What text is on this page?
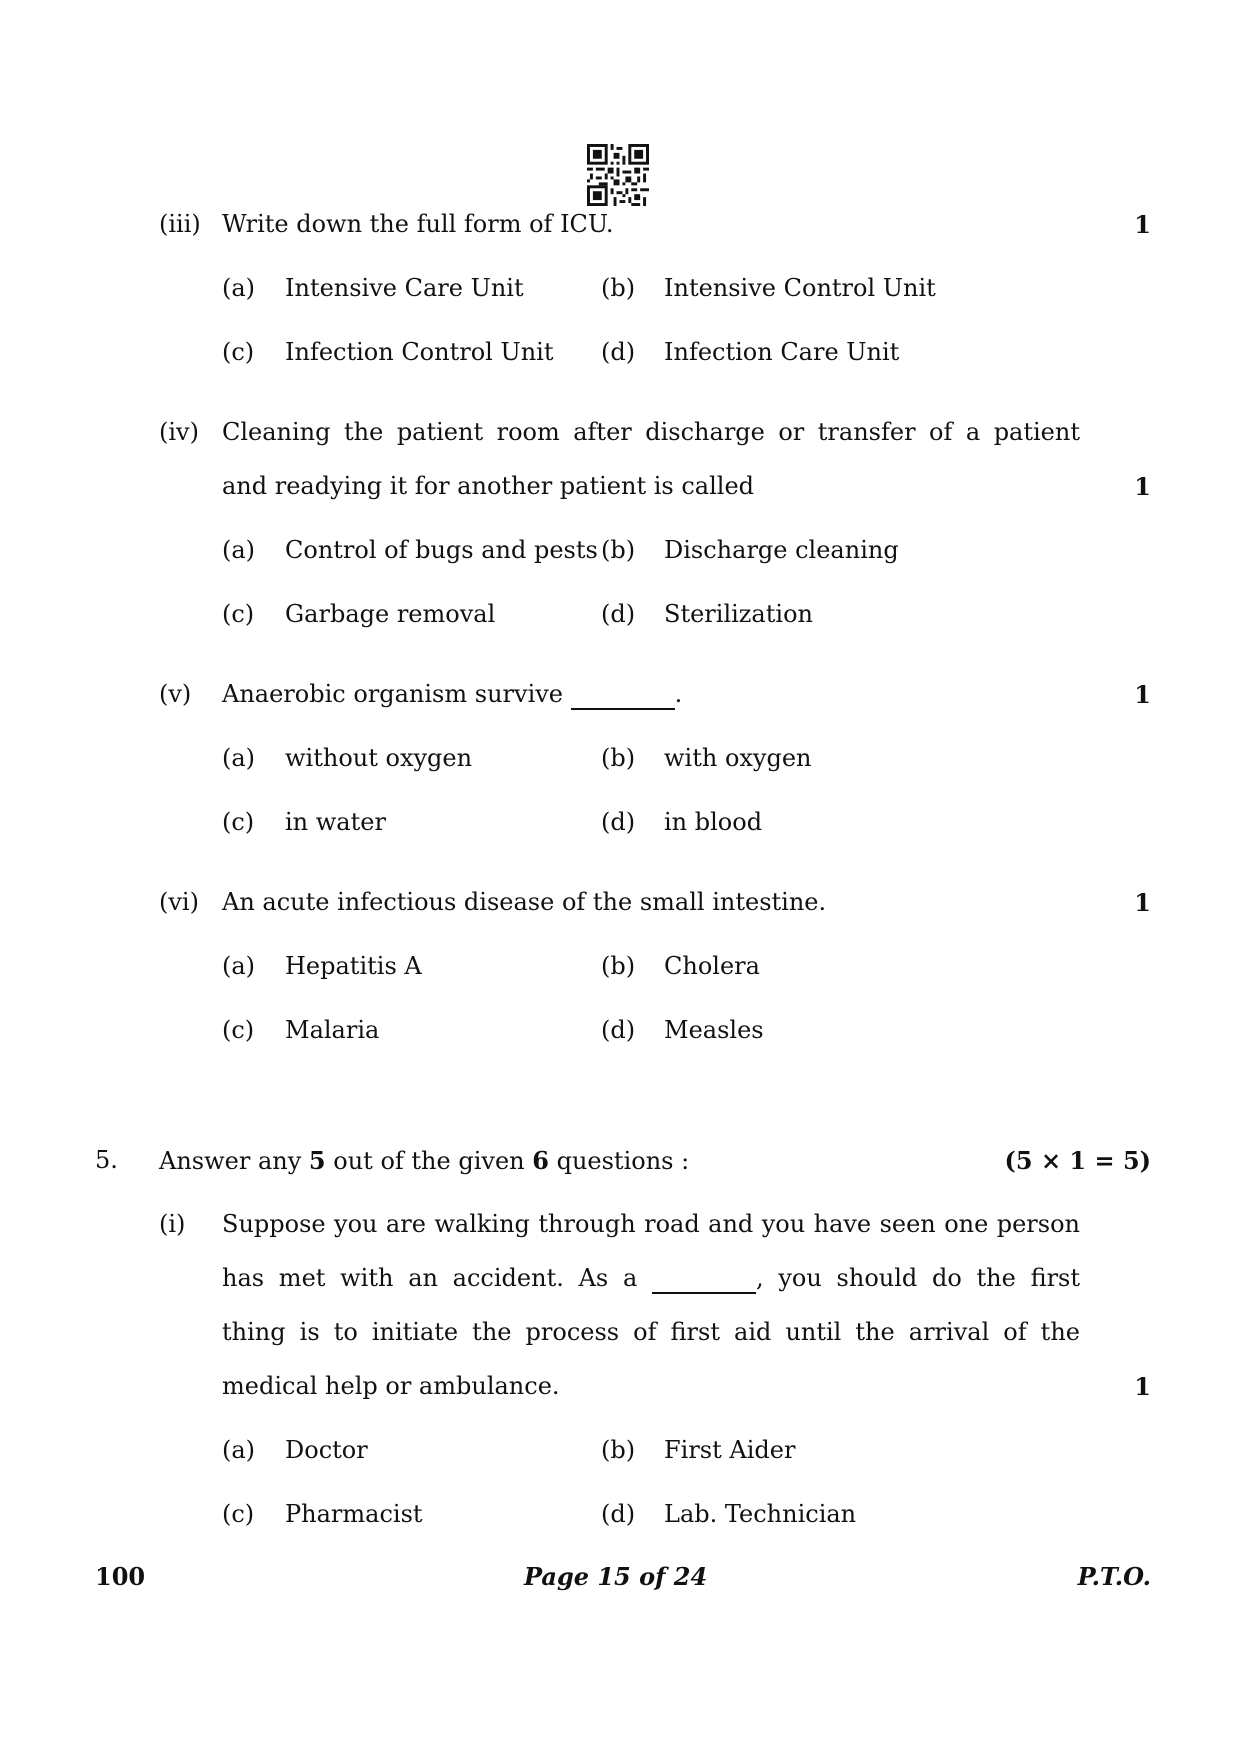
(iii) Write down the full form of ICU.	1
(a) Intensive Care Unit	(b) Intensive Control Unit
(c) Infection Control Unit (d) Infection Care Unit
(iv) Cleaning the patient room after discharge or transfer of a patient
and readying it for another patient is called	1
(a) Control of bugs and pests (b) Discharge cleaning
(c) Garbage removal	(d) Sterilization
(v) Anaerobic organism survive	.	1
(a) without oxygen	(b) with oxygen
(c) in water	(d) in blood
(vi) An acute infectious disease of the small intestine.	1
(a) Hepatitis A	(b) Cholera
(c) Malaria	(d) Measles
5. Answer any 5 out of the given 6 questions :	(5 × 1 = 5)
(i) Suppose you are walking through road and you have seen one person
has met with an accident. As a	, you should do the first
thing is to initiate the process of first aid until the arrival of the
medical help or ambulance.	1
(a) Doctor	(b) First Aider
(c) Pharmacist	(d) Lab. Technician
100	Page 15 of 24	P.T.O.
